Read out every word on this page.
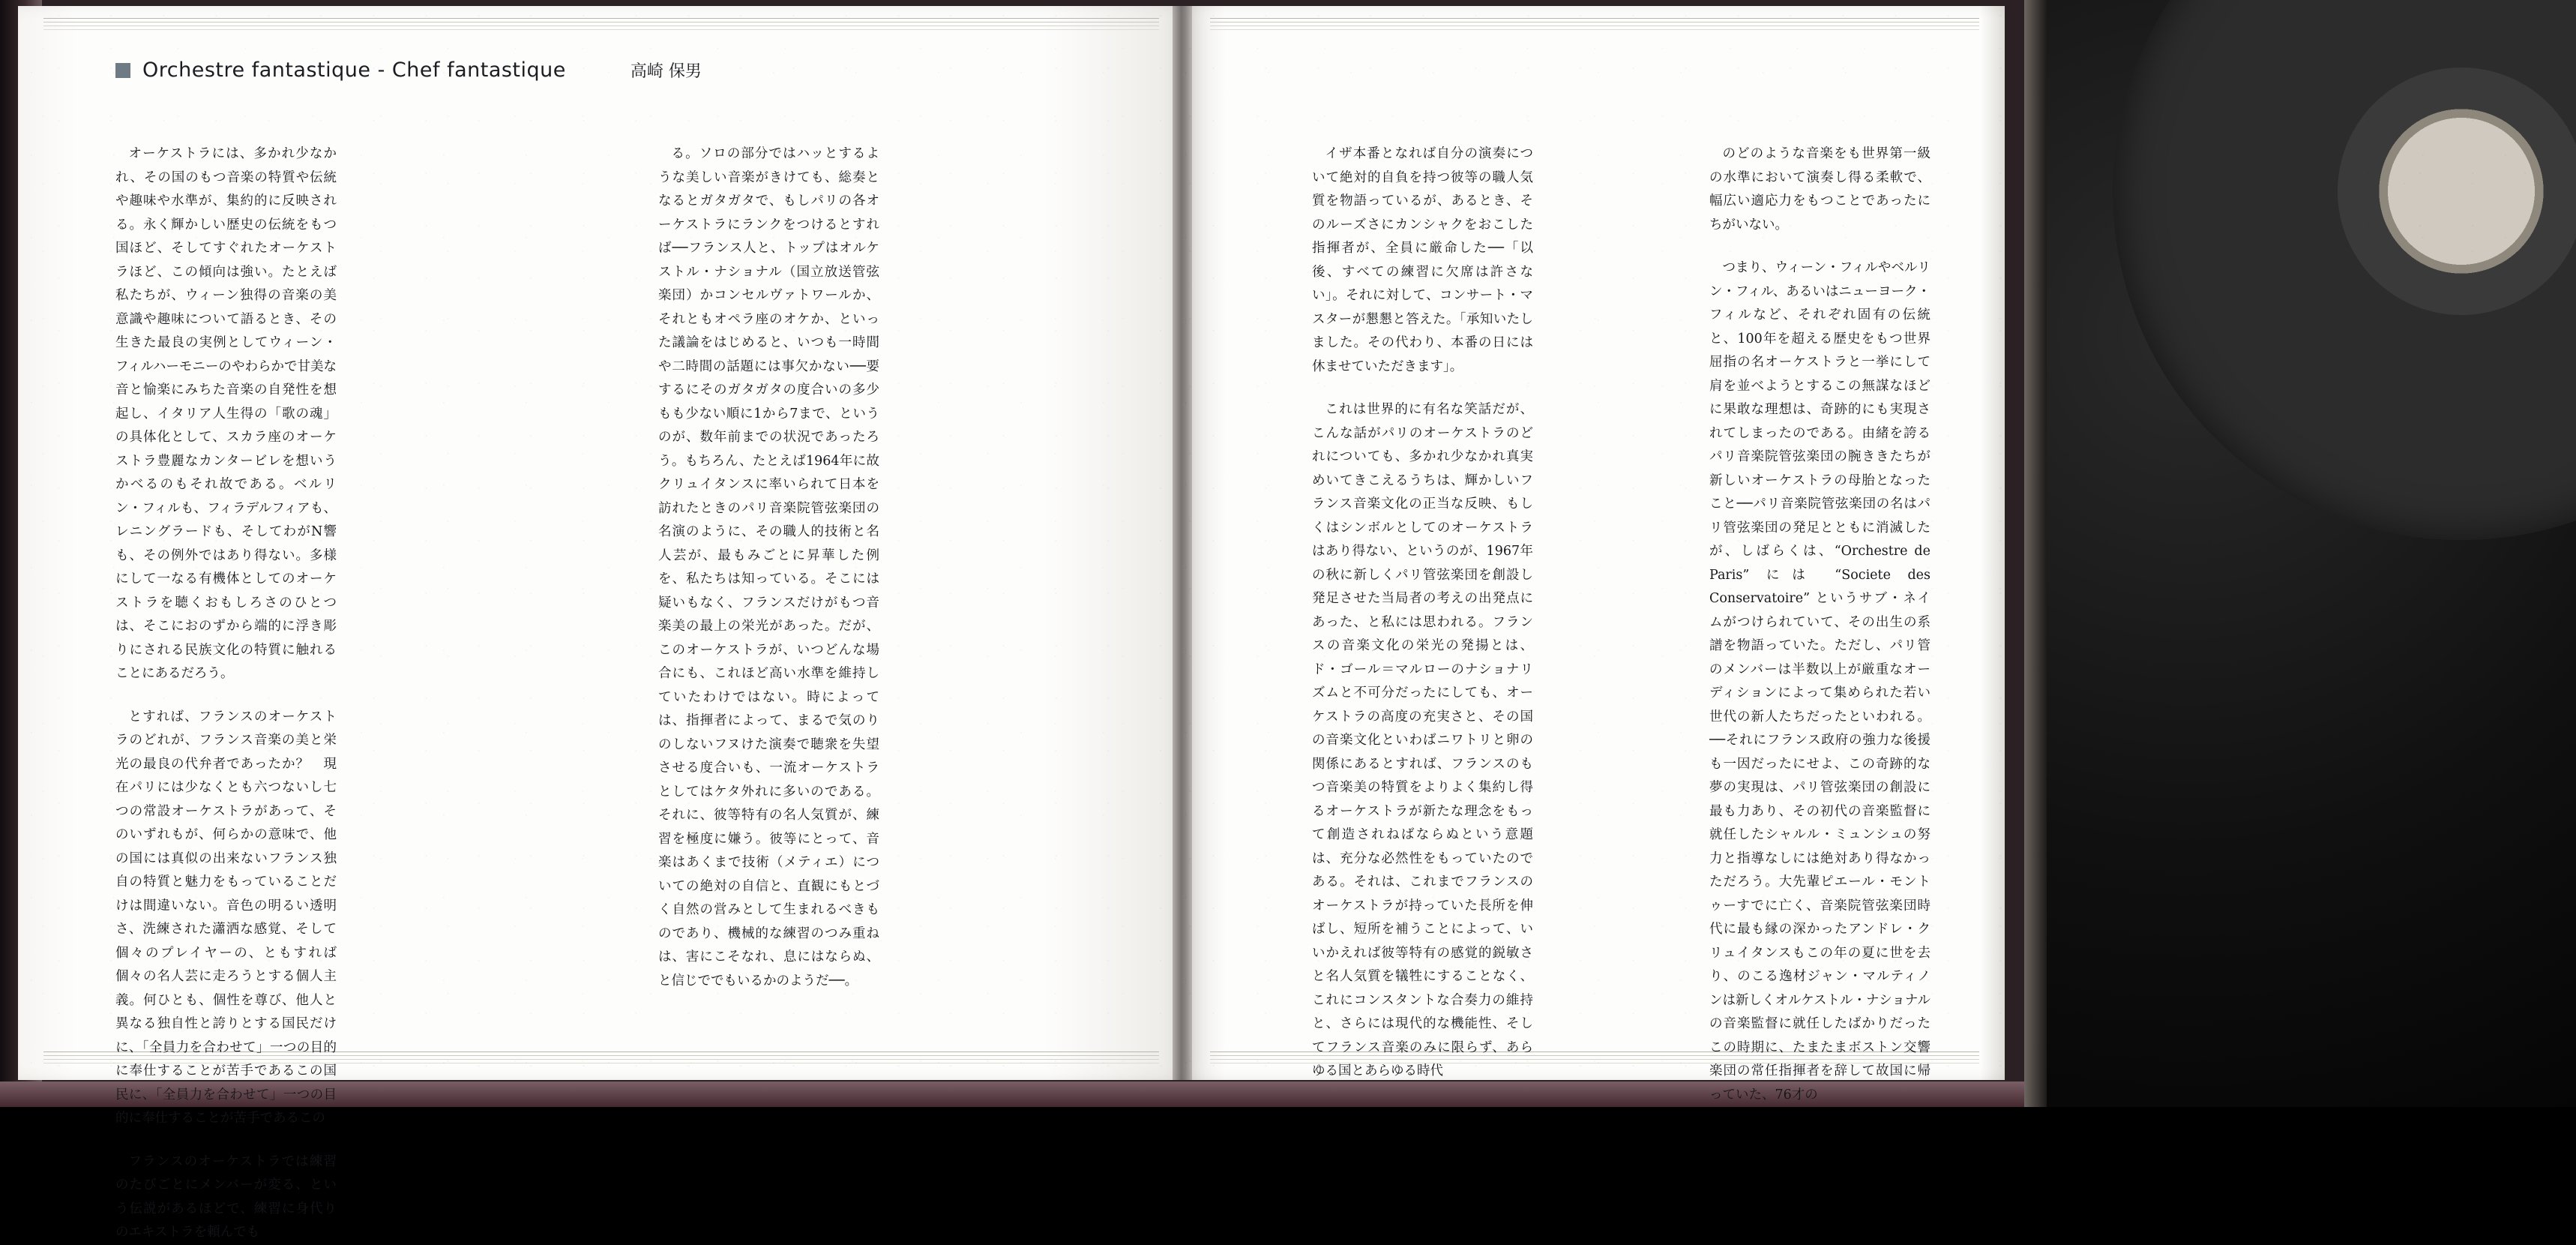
Orchestre fantastique - Chef fantastique	高崎 保男

オーケストラには、多かれ少なかれ、その国のもつ音楽の特質や伝統や趣味や水準が、集約的に反映される。永く輝かしい歴史の伝統をもつ国ほど、そしてすぐれたオーケストラほど、この傾向は強い。たとえば私たちが、ウィーン独得の音楽の美意識や趣味について語るとき、その生きた最良の実例としてウィーン・フィルハーモニーのやわらかで甘美な音と愉楽にみちた音楽の自発性を想起し、イタリア人生得の「歌の魂」の具体化として、スカラ座のオーケストラ豊麗なカンタービレを想いうかべるのもそれ故である。ベルリン・フィルも、フィラデルフィアも、レニングラードも、そしてわがN響も、その例外ではあり得ない。多様にして一なる有機体としてのオーケストラを聴くおもしろさのひとつは、そこにおのずから端的に浮き彫りにされる民族文化の特質に触れることにあるだろう。

とすれば、フランスのオーケストラのどれが、フランス音楽の美と栄光の最良の代弁者であったか？　現在パリには少なくとも六つないし七つの常設オーケストラがあって、そのいずれもが、何らかの意味で、他の国には真似の出来ないフランス独自の特質と魅力をもっていることだけは間違いない。音色の明るい透明さ、洗練された瀟洒な感覚、そして個々のプレイヤーの、ともすれば個々の名人芸に走ろうとする個人主義。何ひとも、個性を尊び、他人と異なる独自性と誇りとする国民だけに、「全員力を合わせて」一つの目的に奉仕することが苦手であるこの国民に、「全員力を合わせて」一つの目的に奉仕することが苦手であるこの

フランスのオーケストラでは練習のたびごとにメンバーが変る、という伝説があるほどで、練習に身代りのエキストラを頼んでも

る。ソロの部分ではハッとするような美しい音楽がきけても、総奏となるとガタガタで、もしパリの各オーケストラにランクをつけるとすれば──フランス人と、トップはオルケストル・ナショナル（国立放送管弦楽団）かコンセルヴァトワールか、それともオペラ座のオケか、といった議論をはじめると、いつも一時間や二時間の話題には事欠かない──要するにそのガタガタの度合いの多少もも少ない順に1から7まで、というのが、数年前までの状況であったろう。もちろん、たとえば1964年に故クリュイタンスに率いられて日本を訪れたときのパリ音楽院管弦楽団の名演のように、その職人的技術と名人芸が、最もみごとに昇華した例を、私たちは知っている。そこには疑いもなく、フランスだけがもつ音楽美の最上の栄光があった。だが、このオーケストラが、いつどんな場合にも、これほど高い水準を維持していたわけではない。時によっては、指揮者によって、まるで気のりのしないフヌけた演奏で聴衆を失望させる度合いも、一流オーケストラとしてはケタ外れに多いのである。それに、彼等特有の名人気質が、練習を極度に嫌う。彼等にとって、音楽はあくまで技術（メティエ）についての絶対の自信と、直観にもとづく自然の営みとして生まれるべきものであり、機械的な練習のつみ重ねは、害にこそなれ、息にはならぬ、と信じででもいるかのようだ──。

イザ本番となれば自分の演奏について絶対的自負を持つ彼等の職人気質を物語っているが、あるとき、そのルーズさにカンシャクをおこした指揮者が、全員に厳命した──「以後、すべての練習に欠席は許さない」。それに対して、コンサート・マスターが懇懇と答えた。「承知いたしました。その代わり、本番の日には休ませていただきます」。

これは世界的に有名な笑話だが、こんな話がパリのオーケストラのどれについても、多かれ少なかれ真実めいてきこえるうちは、輝かしいフランス音楽文化の正当な反映、もしくはシンボルとしてのオーケストラはあり得ない、というのが、1967年の秋に新しくパリ管弦楽団を創設し発足させた当局者の考えの出発点にあった、と私には思われる。フランスの音楽文化の栄光の発揚とは、ド・ゴール＝マルローのナショナリズムと不可分だったにしても、オーケストラの高度の充実さと、その国の音楽文化といわばニワトリと卵の関係にあるとすれば、フランスのもつ音楽美の特質をよりよく集約し得るオーケストラが新たな理念をもって創造されねばならぬという意題は、充分な必然性をもっていたのである。それは、これまでフランスのオーケストラが持っていた長所を伸ばし、短所を補うことによって、いいかえれば彼等特有の感覚的鋭敏さと名人気質を犠牲にすることなく、これにコンスタントな合奏力の維持と、さらには現代的な機能性、そしてフランス音楽のみに限らず、あらゆる国とあらゆる時代

のどのような音楽をも世界第一級の水準において演奏し得る柔軟で、幅広い適応力をもつことであったにちがいない。

つまり、ウィーン・フィルやベルリン・フィル、あるいはニューヨーク・フィルなど、それぞれ固有の伝統と、100年を超える歴史をもつ世界屈指の名オーケストラと一挙にして肩を並べようとするこの無謀なほどに果敢な理想は、奇跡的にも実現されてしまったのである。由緒を誇るパリ音楽院管弦楽団の腕ききたちが新しいオーケストラの母胎となったこと──パリ音楽院管弦楽団の名はパリ管弦楽団の発足とともに消滅したが、しばらくは、“Orchestre de Paris” には “Societe des Conservatoire” というサブ・ネイムがつけられていて、その出生の系譜を物語っていた。ただし、パリ管のメンバーは半数以上が厳重なオーディションによって集められた若い世代の新人たちだったといわれる。──それにフランス政府の強力な後援も一因だったにせよ、この奇跡的な夢の実現は、パリ管弦楽団の創設に最も力あり、その初代の音楽監督に就任したシャルル・ミュンシュの努力と指導なしには絶対あり得なかっただろう。大先輩ピエール・モントゥーすでに亡く、音楽院管弦楽団時代に最も縁の深かったアンドレ・クリュイタンスもこの年の夏に世を去り、のこる逸材ジャン・マルティノンは新しくオルケストル・ナショナルの音楽監督に就任したばかりだったこの時期に、たまたまボストン交響楽団の常任指揮者を辞して故国に帰っていた、76才の
